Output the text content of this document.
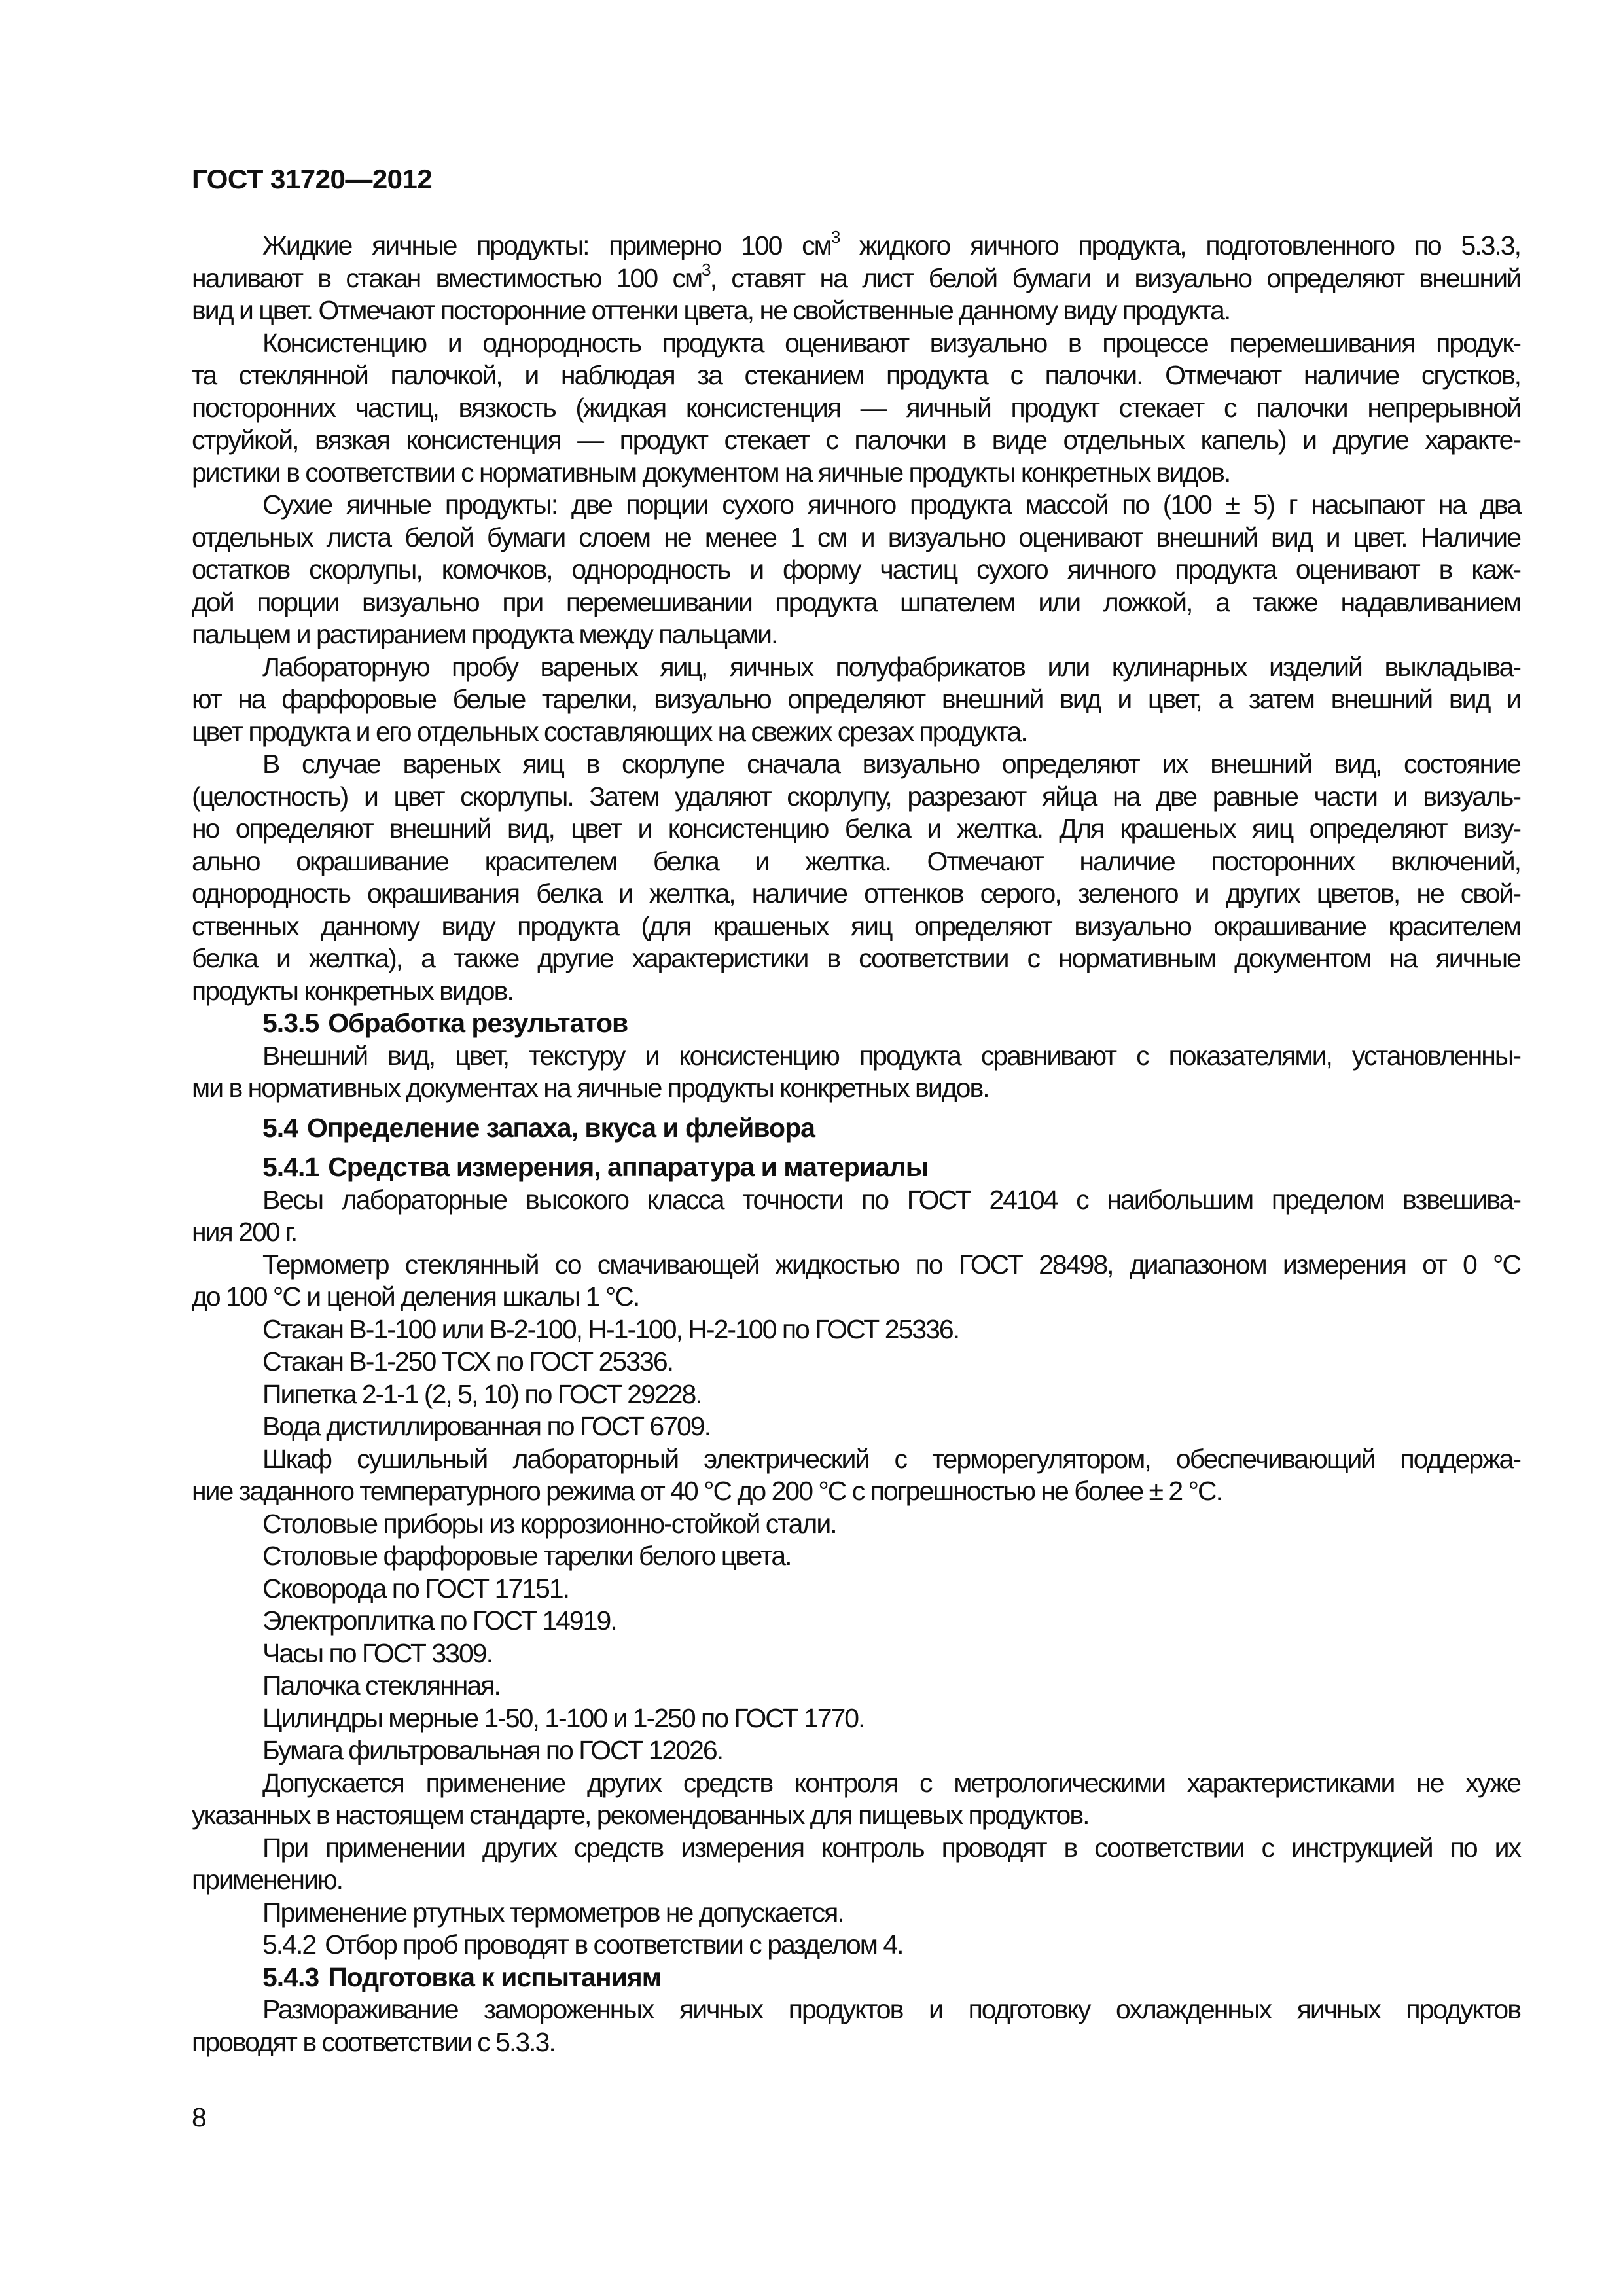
ГОСТ 31720—2012
Жидкие яичные продукты: примерно 100 $см^3$ жидкого яичного продукта, подготовленного по 5.3.3,
наливают в стакан вместимостью 100 $см^3$, ставят на лист белой бумаги и визуально определяют внешний
вид и цвет. Отмечают посторонние оттенки цвета, не свойственные данному виду продукта.
Консистенцию и однородность продукта оценивают визуально в процессе перемешивания продук-
та стеклянной палочкой, и наблюдая за стеканием продукта с палочки. Отмечают наличие сгустков,
посторонних частиц, вязкость (жидкая консистенция — яичный продукт стекает с палочки непрерывной
струйкой, вязкая консистенция — продукт стекает с палочки в виде отдельных капель) и другие характе-
ристики в соответствии с нормативным документом на яичные продукты конкретных видов.
Сухие яичные продукты: две порции сухого яичного продукта массой по (100 ± 5) г насыпают на два
отдельных листа белой бумаги слоем не менее 1 см и визуально оценивают внешний вид и цвет. Наличие
остатков скорлупы, комочков, однородность и форму частиц сухого яичного продукта оценивают в каж-
дой порции визуально при перемешивании продукта шпателем или ложкой, а также надавливанием
пальцем и растиранием продукта между пальцами.
Лабораторную пробу вареных яиц, яичных полуфабрикатов или кулинарных изделий выкладыва-
ют на фарфоровые белые тарелки, визуально определяют внешний вид и цвет, а затем внешний вид и
цвет продукта и его отдельных составляющих на свежих срезах продукта.
В случае вареных яиц в скорлупе сначала визуально определяют их внешний вид, состояние
(целостность) и цвет скорлупы. Затем удаляют скорлупу, разрезают яйца на две равные части и визуаль-
но определяют внешний вид, цвет и консистенцию белка и желтка. Для крашеных яиц определяют визу-
ально окрашивание красителем белка и желтка. Отмечают наличие посторонних включений,
однородность окрашивания белка и желтка, наличие оттенков серого, зеленого и других цветов, не свой-
ственных данному виду продукта (для крашеных яиц определяют визуально окрашивание красителем
белка и желтка), а также другие характеристики в соответствии с нормативным документом на яичные
продукты конкретных видов.
5.3.5 Обработка результатов
Внешний вид, цвет, текстуру и консистенцию продукта сравнивают с показателями, установленны-
ми в нормативных документах на яичные продукты конкретных видов.
5.4 Определение запаха, вкуса и флейвора
5.4.1 Средства измерения, аппаратура и материалы
Весы лабораторные высокого класса точности по ГОСТ 24104 с наибольшим пределом взвешива-
ния 200 г.
Термометр стеклянный со смачивающей жидкостью по ГОСТ 28498, диапазоном измерения от 0 °С
до 100 °С и ценой деления шкалы 1 °С.
Стакан В-1-100 или В-2-100, Н-1-100, Н-2-100 по ГОСТ 25336.
Стакан В-1-250 ТСХ по ГОСТ 25336.
Пипетка 2-1-1 (2, 5, 10) по ГОСТ 29228.
Вода дистиллированная по ГОСТ 6709.
Шкаф сушильный лабораторный электрический с терморегулятором, обеспечивающий поддержа-
ние заданного температурного режима от 40 °С до 200 °С с погрешностью не более ± 2 °С.
Столовые приборы из коррозионно-стойкой стали.
Столовые фарфоровые тарелки белого цвета.
Сковорода по ГОСТ 17151.
Электроплитка по ГОСТ 14919.
Часы по ГОСТ 3309.
Палочка стеклянная.
Цилиндры мерные 1-50, 1-100 и 1-250 по ГОСТ 1770.
Бумага фильтровальная по ГОСТ 12026.
Допускается применение других средств контроля с метрологическими характеристиками не хуже
указанных в настоящем стандарте, рекомендованных для пищевых продуктов.
При применении других средств измерения контроль проводят в соответствии с инструкцией по их
применению.
Применение ртутных термометров не допускается.
5.4.2 Отбор проб проводят в соответствии с разделом 4.
5.4.3 Подготовка к испытаниям
Размораживание замороженных яичных продуктов и подготовку охлажденных яичных продуктов
проводят в соответствии с 5.3.3.
8
